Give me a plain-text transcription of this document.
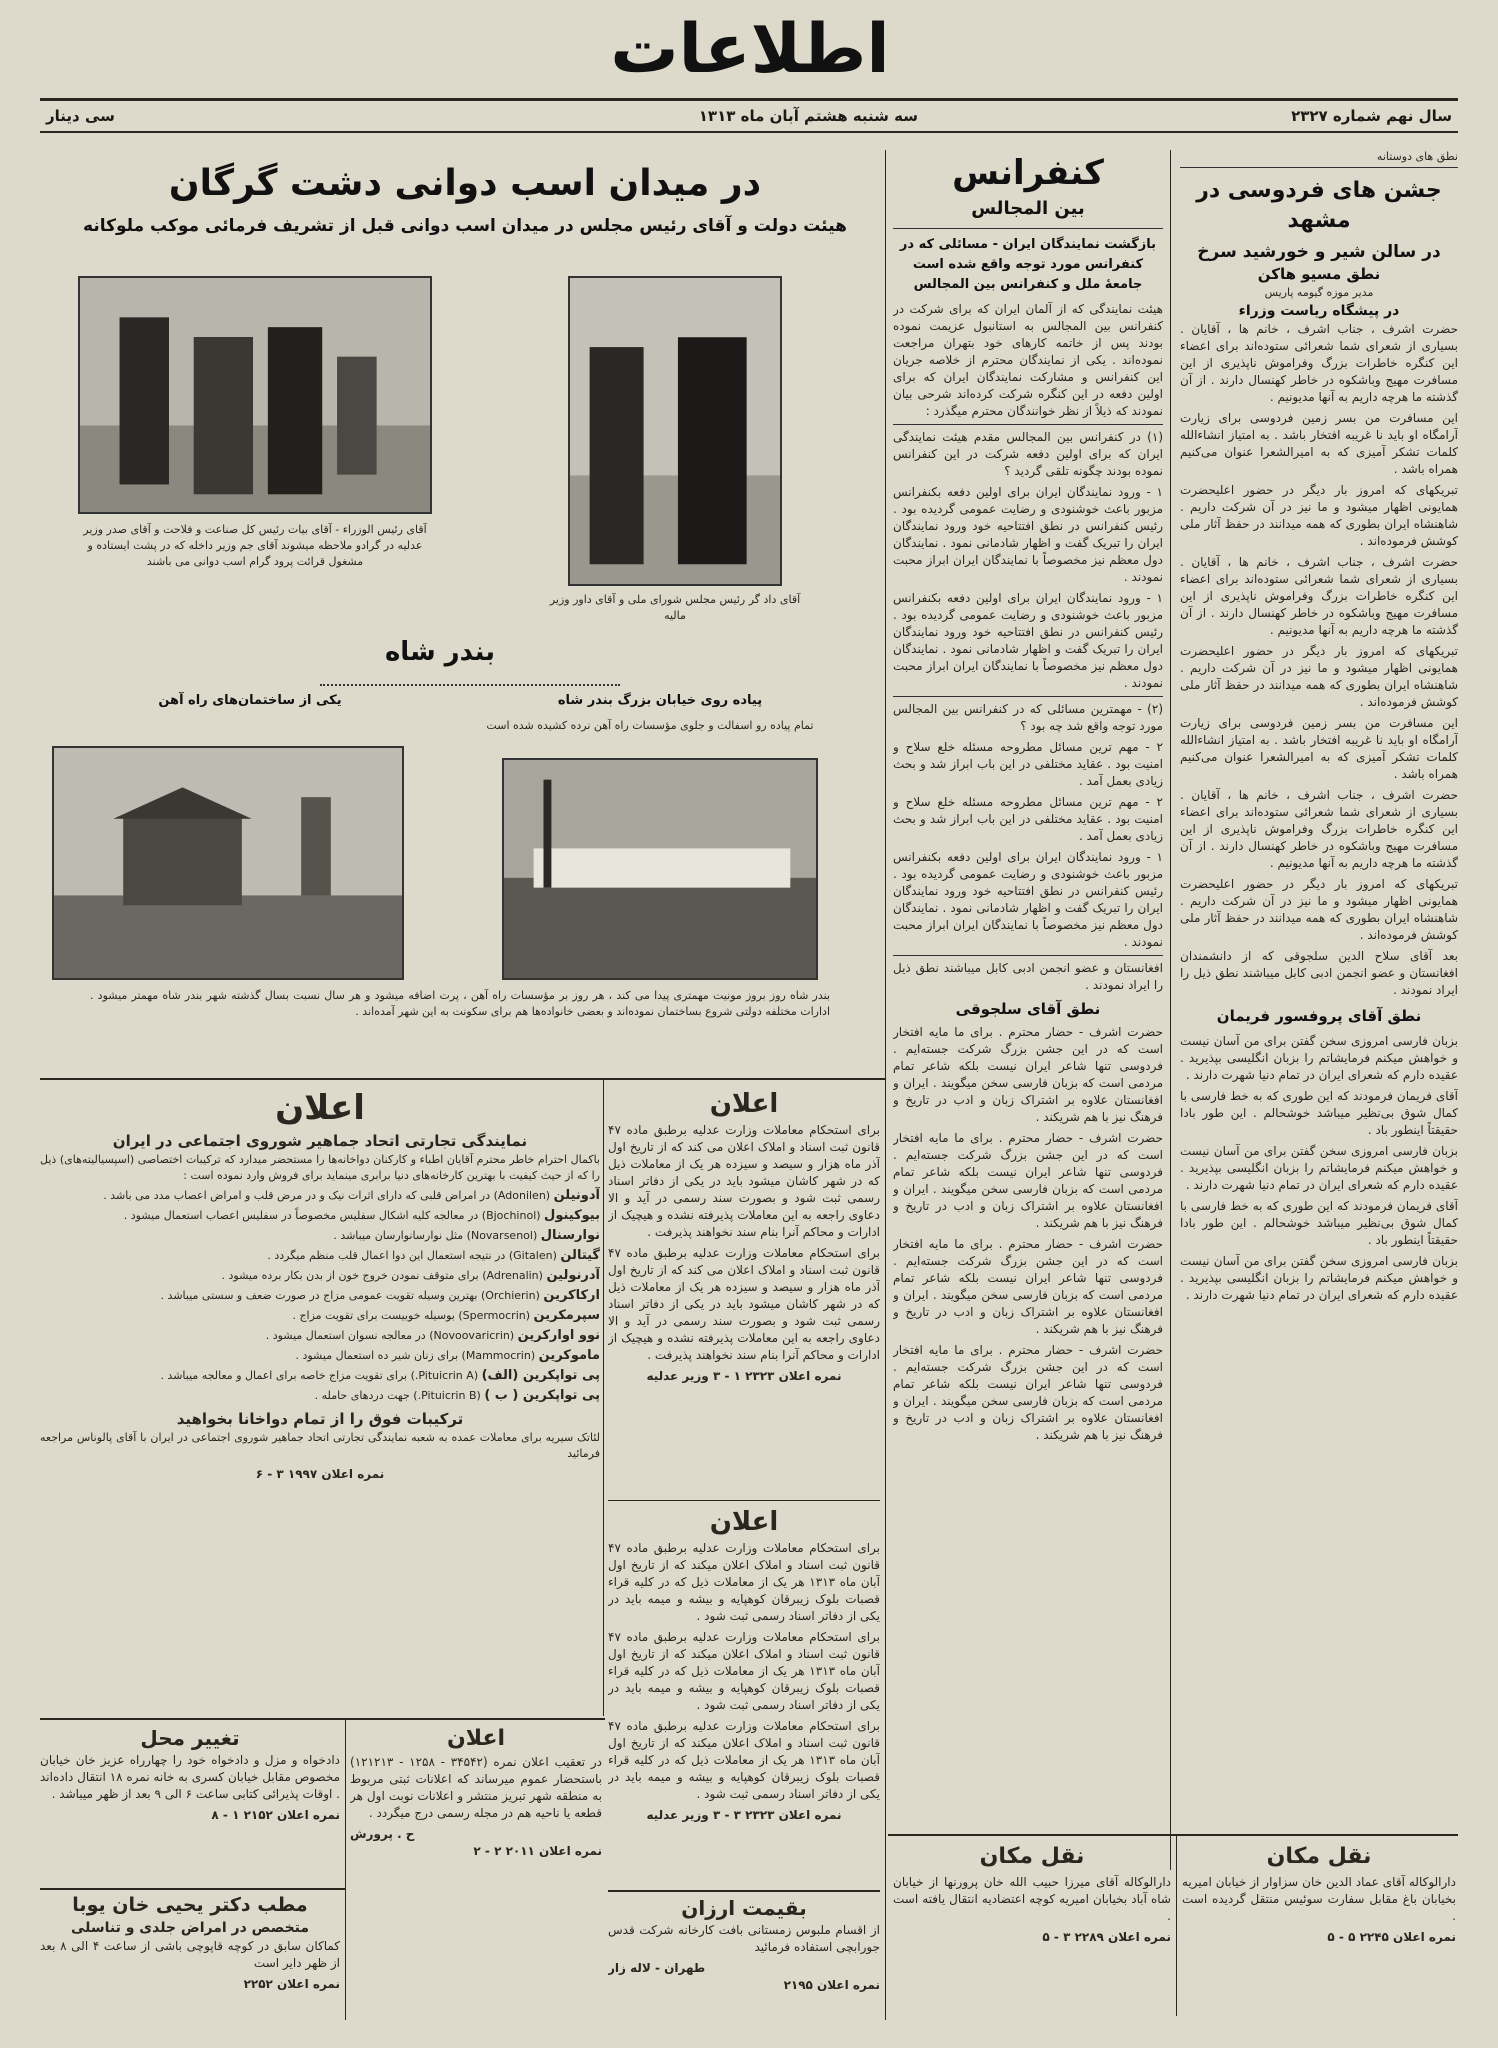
اطلاعات
سال نهم شماره ۲۳۲۷
سه شنبه هشتم آبان ماه ۱۳۱۳
سی دینار
نطق های دوستانه
جشن های فردوسی در مشهد
در سالن شیر و خورشید سرخ
نطق مسیو هاکن
مدیر موزه گیومه پاریس
در پیشگاه ریاست وزراء

حضرت اشرف ، جناب اشرف ، خانم ها ، آقایان . بسیاری از شعرای شما شعرائی ستوده‌اند برای اعضاء این کنگره خاطرات بزرگ وفراموش ناپذیری از این مسافرت مهیج وباشکوه در خاطر کهنسال دارند . از آن گذشته ما هرچه داریم به آنها مدیونیم .

این مسافرت من بسر زمین فردوسی برای زیارت آرامگاه او باید نا غریبه افتخار باشد . به امتیاز انشاءالله کلمات تشکر آمیزی که به امیرالشعرا عنوان می‌کنیم همراه باشد .

تبریکهای که امروز بار دیگر در حضور اعلیحضرت همایونی اظهار میشود و ما نیز در آن شرکت داریم . شاهنشاه ایران بطوری که همه میدانند در حفظ آثار ملی کوشش فرموده‌اند .

حضرت اشرف ، جناب اشرف ، خانم ها ، آقایان . بسیاری از شعرای شما شعرائی ستوده‌اند برای اعضاء این کنگره خاطرات بزرگ وفراموش ناپذیری از این مسافرت مهیج وباشکوه در خاطر کهنسال دارند . از آن گذشته ما هرچه داریم به آنها مدیونیم .

تبریکهای که امروز بار دیگر در حضور اعلیحضرت همایونی اظهار میشود و ما نیز در آن شرکت داریم . شاهنشاه ایران بطوری که همه میدانند در حفظ آثار ملی کوشش فرموده‌اند .

این مسافرت من بسر زمین فردوسی برای زیارت آرامگاه او باید نا غریبه افتخار باشد . به امتیاز انشاءالله کلمات تشکر آمیزی که به امیرالشعرا عنوان می‌کنیم همراه باشد .

حضرت اشرف ، جناب اشرف ، خانم ها ، آقایان . بسیاری از شعرای شما شعرائی ستوده‌اند برای اعضاء این کنگره خاطرات بزرگ وفراموش ناپذیری از این مسافرت مهیج وباشکوه در خاطر کهنسال دارند . از آن گذشته ما هرچه داریم به آنها مدیونیم .

تبریکهای که امروز بار دیگر در حضور اعلیحضرت همایونی اظهار میشود و ما نیز در آن شرکت داریم . شاهنشاه ایران بطوری که همه میدانند در حفظ آثار ملی کوشش فرموده‌اند .

بعد آقای سلاح الدین سلجوقی که از دانشمندان افغانستان و عضو انجمن ادبی کابل میباشند نطق ذیل را ایراد نمودند .

نطق آقای پروفسور فریمان

بزبان فارسی امروزی سخن گفتن برای من آسان نیست و خواهش میکنم فرمایشاتم را بزبان انگلیسی بپذیرید . عقیده دارم که شعرای ایران در تمام دنیا شهرت دارند .

آقای فریمان فرمودند که این طوری که به خط فارسی با کمال شوق بی‌نظیر میباشد خوشحالم . این طور بادا حقیقتاً اینطور باد .

بزبان فارسی امروزی سخن گفتن برای من آسان نیست و خواهش میکنم فرمایشاتم را بزبان انگلیسی بپذیرید . عقیده دارم که شعرای ایران در تمام دنیا شهرت دارند .

آقای فریمان فرمودند که این طوری که به خط فارسی با کمال شوق بی‌نظیر میباشد خوشحالم . این طور بادا حقیقتاً اینطور باد .

بزبان فارسی امروزی سخن گفتن برای من آسان نیست و خواهش میکنم فرمایشاتم را بزبان انگلیسی بپذیرید . عقیده دارم که شعرای ایران در تمام دنیا شهرت دارند .

کنفرانس
بین المجالس
بازگشت نمایندگان ایران - مسائلی که در کنفرانس مورد توجه واقع شده است جامعهٔ ملل و کنفرانس بین المجالس

هیئت نمایندگی که از آلمان ایران که برای شرکت در کنفرانس بین المجالس به استانبول عزیمت نموده بودند پس از خاتمه کارهای خود بتهران مراجعت نموده‌اند . یکی از نمایندگان محترم از خلاصه جریان این کنفرانس و مشارکت نمایندگان ایران که برای اولین دفعه در این کنگره شرکت کرده‌اند شرحی بیان نمودند که ذیلاً از نظر خوانندگان محترم میگذرد :

(۱) در کنفرانس بین المجالس مقدم هیئت نمایندگی ایران که برای اولین دفعه شرکت در این کنفرانس نموده بودند چگونه تلقی گردید ؟

۱ - ورود نمایندگان ایران برای اولین دفعه بکنفرانس مزبور باعث خوشنودی و رضایت عمومی گردیده بود . رئیس کنفرانس در نطق افتتاحیه خود ورود نمایندگان ایران را تبریک گفت و اظهار شادمانی نمود . نمایندگان دول معظم نیز مخصوصاً با نمایندگان ایران ابراز محبت نمودند .

۱ - ورود نمایندگان ایران برای اولین دفعه بکنفرانس مزبور باعث خوشنودی و رضایت عمومی گردیده بود . رئیس کنفرانس در نطق افتتاحیه خود ورود نمایندگان ایران را تبریک گفت و اظهار شادمانی نمود . نمایندگان دول معظم نیز مخصوصاً با نمایندگان ایران ابراز محبت نمودند .

(۲) - مهمترین مسائلی که در کنفرانس بین المجالس مورد توجه واقع شد چه بود ؟

۲ - مهم ترین مسائل مطروحه مسئله خلع سلاح و امنیت بود . عقاید مختلفی در این باب ابراز شد و بحث زیادی بعمل آمد .

۲ - مهم ترین مسائل مطروحه مسئله خلع سلاح و امنیت بود . عقاید مختلفی در این باب ابراز شد و بحث زیادی بعمل آمد .

۱ - ورود نمایندگان ایران برای اولین دفعه بکنفرانس مزبور باعث خوشنودی و رضایت عمومی گردیده بود . رئیس کنفرانس در نطق افتتاحیه خود ورود نمایندگان ایران را تبریک گفت و اظهار شادمانی نمود . نمایندگان دول معظم نیز مخصوصاً با نمایندگان ایران ابراز محبت نمودند .

افغانستان و عضو انجمن ادبی کابل میباشند نطق ذیل را ایراد نمودند .

نطق آقای سلجوقی

حضرت اشرف - حضار محترم . برای ما مایه افتخار است که در این جشن بزرگ شرکت جسته‌ایم . فردوسی تنها شاعر ایران نیست بلکه شاعر تمام مردمی است که بزبان فارسی سخن میگویند . ایران و افغانستان علاوه بر اشتراک زبان و ادب در تاریخ و فرهنگ نیز با هم شریکند .

حضرت اشرف - حضار محترم . برای ما مایه افتخار است که در این جشن بزرگ شرکت جسته‌ایم . فردوسی تنها شاعر ایران نیست بلکه شاعر تمام مردمی است که بزبان فارسی سخن میگویند . ایران و افغانستان علاوه بر اشتراک زبان و ادب در تاریخ و فرهنگ نیز با هم شریکند .

حضرت اشرف - حضار محترم . برای ما مایه افتخار است که در این جشن بزرگ شرکت جسته‌ایم . فردوسی تنها شاعر ایران نیست بلکه شاعر تمام مردمی است که بزبان فارسی سخن میگویند . ایران و افغانستان علاوه بر اشتراک زبان و ادب در تاریخ و فرهنگ نیز با هم شریکند .

حضرت اشرف - حضار محترم . برای ما مایه افتخار است که در این جشن بزرگ شرکت جسته‌ایم . فردوسی تنها شاعر ایران نیست بلکه شاعر تمام مردمی است که بزبان فارسی سخن میگویند . ایران و افغانستان علاوه بر اشتراک زبان و ادب در تاریخ و فرهنگ نیز با هم شریکند .

در میدان اسب دوانی دشت گرگان
هیئت دولت و آقای رئیس مجلس در میدان اسب دوانی قبل از تشریف فرمائی موکب ملوکانه
آقای رئیس الوزراء - آقای بیات رئیس کل صناعت و فلاحت و آقای صدر وزیر عدلیه در گرادو ملاحظه میشوند آقای جم وزیر داخله که در پشت ایستاده و مشغول قرائت پرود گرام اسب دوانی می باشند
آقای داد گر رئیس مجلس شورای ملی و آقای داور وزیر مالیه
بندر شاه
پیاده روی خیابان بزرگ بندر شاه
یکی از ساختمان‌های راه آهن
تمام پیاده رو اسفالت و جلوی مؤسسات راه آهن نرده کشیده شده است
بندر شاه روز بروز مونیت مهمتری پیدا می کند ، هر روز بر مؤسسات راه آهن ، پرت اضافه میشود و هر سال نسبت بسال گذشته شهر بندر شاه مهمتر میشود . ادارات مختلفه دولتی شروع بساختمان نموده‌اند و بعضی خانواده‌ها هم برای سکونت به این شهر آمده‌اند .
اعلان
نمایندگی تجارتی اتحاد جماهیر شوروی اجتماعی در ایران

باکمال احترام خاطر محترم آقایان اطباء و کارکنان دواخانه‌ها را مستحضر میدارد که ترکیبات اختصاصی (اسپسیالیته‌های) ذیل را که از حیث کیفیت با بهترین کارخانه‌های دنیا برابری مینماید برای فروش وارد نموده است :

آدونیلن (Adonilen) در امراض قلبی که دارای اثرات نیک و در مرض قلب و امراض اعصاب مدد می باشد .

بیوکینول (Bjochinol) در معالجه کلیه اشکال سفلیس مخصوصاً در سفلیس اعصاب استعمال میشود .

نوارسنال (Novarsenol) مثل نوارسانوارسان میباشد .

گیتالن (Gitalen) در نتیجه استعمال این دوا اعمال قلب منظم میگردد .

آدرنولین (Adrenalin) برای متوقف نمودن خروج خون از بدن بکار برده میشود .

ارکاکرین (Orchierin) بهترین وسیله تقویت عمومی مزاج در صورت ضعف و سستی میباشد .

سپرمکرین (Spermocrin) بوسیله خوبیست برای تقویت مزاج .

نوو اوارکرین (Novoovaricrin) در معالجه نسوان استعمال میشود .

ماموکرین (Mammocrin) برای زنان شیر ده استعمال میشود .

پی تواپکرین (الف) (Pituicrin A.) برای تقویت مزاج خاصه برای اعمال و معالجه میباشد .

پی تواپکرین ( ب ) (Pituicrin B.) جهت دردهای حامله .

ترکیبات فوق را از تمام دواخانا بخواهید

لئاتک سیریه برای معاملات عمده به شعبه نمایندگی تجارتی اتحاد جماهیر شوروی اجتماعی در ایران با آقای پالوناس مراجعه فرمائید

نمره اعلان ۱۹۹۷ ۳ - ۶
اعلان

برای استحکام معاملات وزارت عدلیه برطبق ماده ۴۷ قانون ثبت اسناد و املاک اعلان می کند که از تاریخ اول آذر ماه هزار و سیصد و سیزده هر یک از معاملات ذیل که در شهر کاشان میشود باید در یکی از دفاتر اسناد رسمی ثبت شود و بصورت سند رسمی در آید و الا دعاوی راجعه به این معاملات پذیرفته نشده و هیچیک از ادارات و محاکم آنرا بنام سند نخواهند پذیرفت .

برای استحکام معاملات وزارت عدلیه برطبق ماده ۴۷ قانون ثبت اسناد و املاک اعلان می کند که از تاریخ اول آذر ماه هزار و سیصد و سیزده هر یک از معاملات ذیل که در شهر کاشان میشود باید در یکی از دفاتر اسناد رسمی ثبت شود و بصورت سند رسمی در آید و الا دعاوی راجعه به این معاملات پذیرفته نشده و هیچیک از ادارات و محاکم آنرا بنام سند نخواهند پذیرفت .

نمره اعلان ۲۳۲۳ ۱ - ۳ وزیر عدلیه
اعلان

برای استحکام معاملات وزارت عدلیه برطبق ماده ۴۷ قانون ثبت اسناد و املاک اعلان میکند که از تاریخ اول آبان ماه ۱۳۱۳ هر یک از معاملات ذیل که در کلیه قراء قصبات بلوک زیبرقان کوهپایه و بیشه و میمه باید در یکی از دفاتر اسناد رسمی ثبت شود .

برای استحکام معاملات وزارت عدلیه برطبق ماده ۴۷ قانون ثبت اسناد و املاک اعلان میکند که از تاریخ اول آبان ماه ۱۳۱۳ هر یک از معاملات ذیل که در کلیه قراء قصبات بلوک زیبرقان کوهپایه و بیشه و میمه باید در یکی از دفاتر اسناد رسمی ثبت شود .

برای استحکام معاملات وزارت عدلیه برطبق ماده ۴۷ قانون ثبت اسناد و املاک اعلان میکند که از تاریخ اول آبان ماه ۱۳۱۳ هر یک از معاملات ذیل که در کلیه قراء قصبات بلوک زیبرقان کوهپایه و بیشه و میمه باید در یکی از دفاتر اسناد رسمی ثبت شود .

نمره اعلان ۲۳۲۳ ۳ - ۳ وزیر عدلیه
تغییر محل

دادخواه و مزل و دادخواه خود را چهارراه عزیز خان خیابان مخصوص مقابل خیابان کسری به خانه نمره ۱۸ انتقال داده‌اند . اوقات پذیرائی کتابی ساعت ۶ الی ۹ بعد از ظهر میباشد .

نمره اعلان ۲۱۵۲ ۱ - ۸
اعلان

در تعقیب اعلان نمره (۳۴۵۴۲ - ۱۲۵۸ - ۱۲۱۲۱۳) باستحضار عموم میرساند که اعلانات ثبتی مربوط به منطقه شهر تبریز منتشر و اعلانات نوبت اول هر قطعه یا ناحیه هم در مجله رسمی درج میگردد .

ح . پرورش
نمره اعلان ۲۰۱۱ ۲ - ۲
مطب دکتر یحیی خان یوبا
متخصص در امراض جلدی و تناسلی

کماکان سابق در کوچه قاپوچی باشی از ساعت ۴ الی ۸ بعد از ظهر دایر است

نمره اعلان ۲۲۵۲
بقیمت ارزان

از اقسام ملبوس زمستانی بافت کارخانه شرکت قدس جورابچی استفاده فرمائید

طهران - لاله زار
نمره اعلان ۲۱۹۵
نقل مکان

دارالوکاله آقای میرزا حبیب الله خان پرورنها از خیابان شاه آباد بخیابان امیریه کوچه اعتضادیه انتقال یافته است .

نمره اعلان ۲۲۸۹ ۳ - ۵
نقل مکان

دارالوکاله آقای عماد الدین خان سزاوار از خیابان امیریه بخیابان باغ مقابل سفارت سوئیس منتقل گردیده است .

نمره اعلان ۲۲۴۵ ۵ - ۵
